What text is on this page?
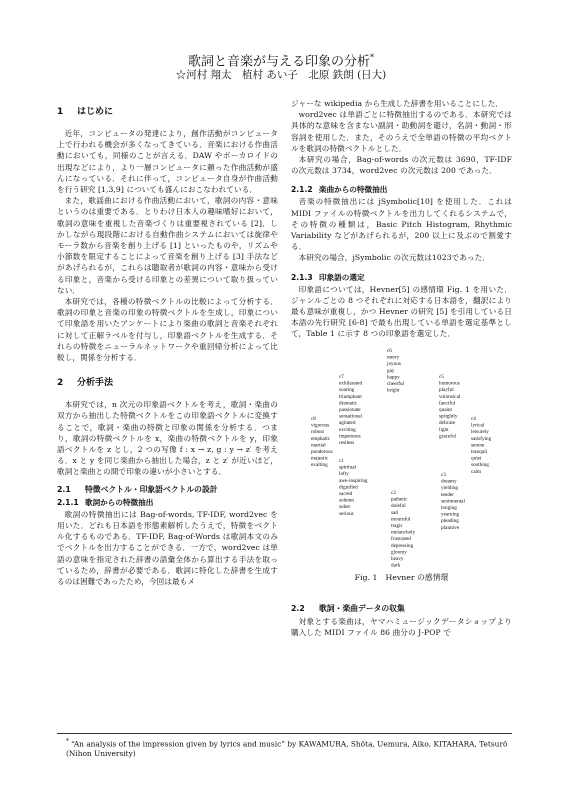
歌詞と音楽が与える印象の分析*
☆河村 翔太　植村 あい子　北原 鉄朗 (日大)
1 はじめに

近年，コンピュータの発達により，創作活動がコンピュータ上で行われる機会が多くなってきている．音楽における作曲活動においても，同様のことが言える．DAW やボーカロイドの出現などにより，より一層コンピュータに頼った作曲活動が盛んになっている．それに伴って，コンピュータ自身が作曲活動を行う研究 [1,3,9] についても盛んにおこなわれている．

また，歌謡曲における作曲活動において，歌詞の内容・意味というのは重要である．とりわけ日本人の趣味嗜好において，歌詞の意味を重視した音楽づくりは重要視されている [2]．しかしながら現段階における自動作曲システムにおいては旋律やモーラ数から音楽を創り上げる [1] といったものや，リズムや小節数を限定することによって音楽を創り上げる [3] 手法などがあげられるが，これらは聴取者が歌詞の内容・意味から受ける印象と，音楽から受ける印象との差異について取り扱っていない．

本研究では，各種の特徴ベクトルの比較によって分析する．歌詞の印象と音楽の印象の特徴ベクトルを生成し，印象について印象語を用いたアンケートにより楽曲の歌詞と音楽それぞれに対して正解ラベルを付与し，印象語ベクトルを生成する．それらの特徴をニューラルネットワークや重回帰分析によって比較し，関係を分析する．

2 分析手法

本研究では，n 次元の印象語ベクトルを考え，歌詞・楽曲の双方から抽出した特徴ベクトルをこの印象語ベクトルに変換することで，歌詞・楽曲の特徴と印象の関係を分析する．つまり，歌詞の特徴ベクトルを x，楽曲の特徴ベクトルを y，印象語ベクトルを z とし，2 つの写像 f : x → z, g : y → z′ を考える．x と y を同じ楽曲から抽出した場合，z と z′ が近いほど，歌詞と楽曲との間で印象の違いが小さいとする．

2.1 特徴ベクトル・印象語ベクトルの設計
2.1.1 歌詞からの特徴抽出

歌詞の特徴抽出には Bag-of-words, TF-IDF, word2vec を用いた．どれも日本語を形態素解析したうえで，特徴をベクトル化するものである．TF-IDF, Bag-of-Words は歌詞本文のみでベクトルを出力することができる．一方で，word2vec は単語の意味を指定された辞書の語彙全体から算出する手法を取っているため，辞書が必要である．歌詞に特化した辞書を生成するのは困難であったため，今回は最もメ

ジャーな wikipedia から生成した辞書を用いることにした．

word2vec は単語ごとに特徴抽出するのである．本研究では具体的な意味を含まない副詞・助動詞を避け，名詞・動詞・形容詞を使用した．また，そのうえで全単語の特徴の平均ベクトルを歌詞の特徴ベクトルとした．

本研究の場合，Bag-of-words の次元数は 3690，TF-IDF の次元数は 3734，word2vec の次元数は 200 であった．

2.1.2 楽曲からの特徴抽出

音楽の特徴抽出には jSymbolic[10] を使用した．これは MIDI ファイルの特徴ベクトルを出力してくれるシステムで，その特徴の種類は，Basic Pitch Histogram, Rhythmic Variability などがあげられるが，200 以上に及ぶので割愛する．

本研究の場合，jSymbolic の次元数は1023であった．

2.1.3 印象語の選定

印象語については，Hevner[5] の感情環 Fig. 1 を用いた．ジャンルごとの 8 つそれぞれに対応する日本語を，翻訳により最も意味が重複し，かつ Hevner の研究 [5] を引用している日本語の先行研究 [6-8] で最も出現している単語を選定基準として，Table 1 に示す 8 つの印象語を選定した．

c8
vigorous
robust
emphatic
martial
ponderous
majestic
exalting
c7
exhilarated
soaring
triumphant
dramatic
passionate
sensational
agitated
exciting
impetuous
restless
c6
merry
joyous
gay
happy
cheerful
bright
c5
humorous
playful
whimsical
fanciful
quaint
sprightly
delicate
light
graceful
c4
lyrical
leisurely
satisfying
serene
tranquil
quiet
soothing
calm
c3
dreamy
yielding
tender
sentimental
longing
yearning
pleading
plaintive
c2
pathetic
doleful
sad
mournful
tragic
melancholy
frustrated
depressing
gloomy
heavy
dark
c1
spiritual
lofty
awe-inspiring
dignified
sacred
solemn
sober
serious
Fig. 1 Hevner の感情環
2.2 歌詞・楽曲データの収集

対象とする楽曲は，ヤマハミュージックデータショップより購入した MIDI ファイル 86 曲分の J-POP で

* “An analysis of the impression given by lyrics and music” by KAWAMURA, Shōta, Uemura, Aiko, KITAHARA, Tetsurō (Nihon University)
